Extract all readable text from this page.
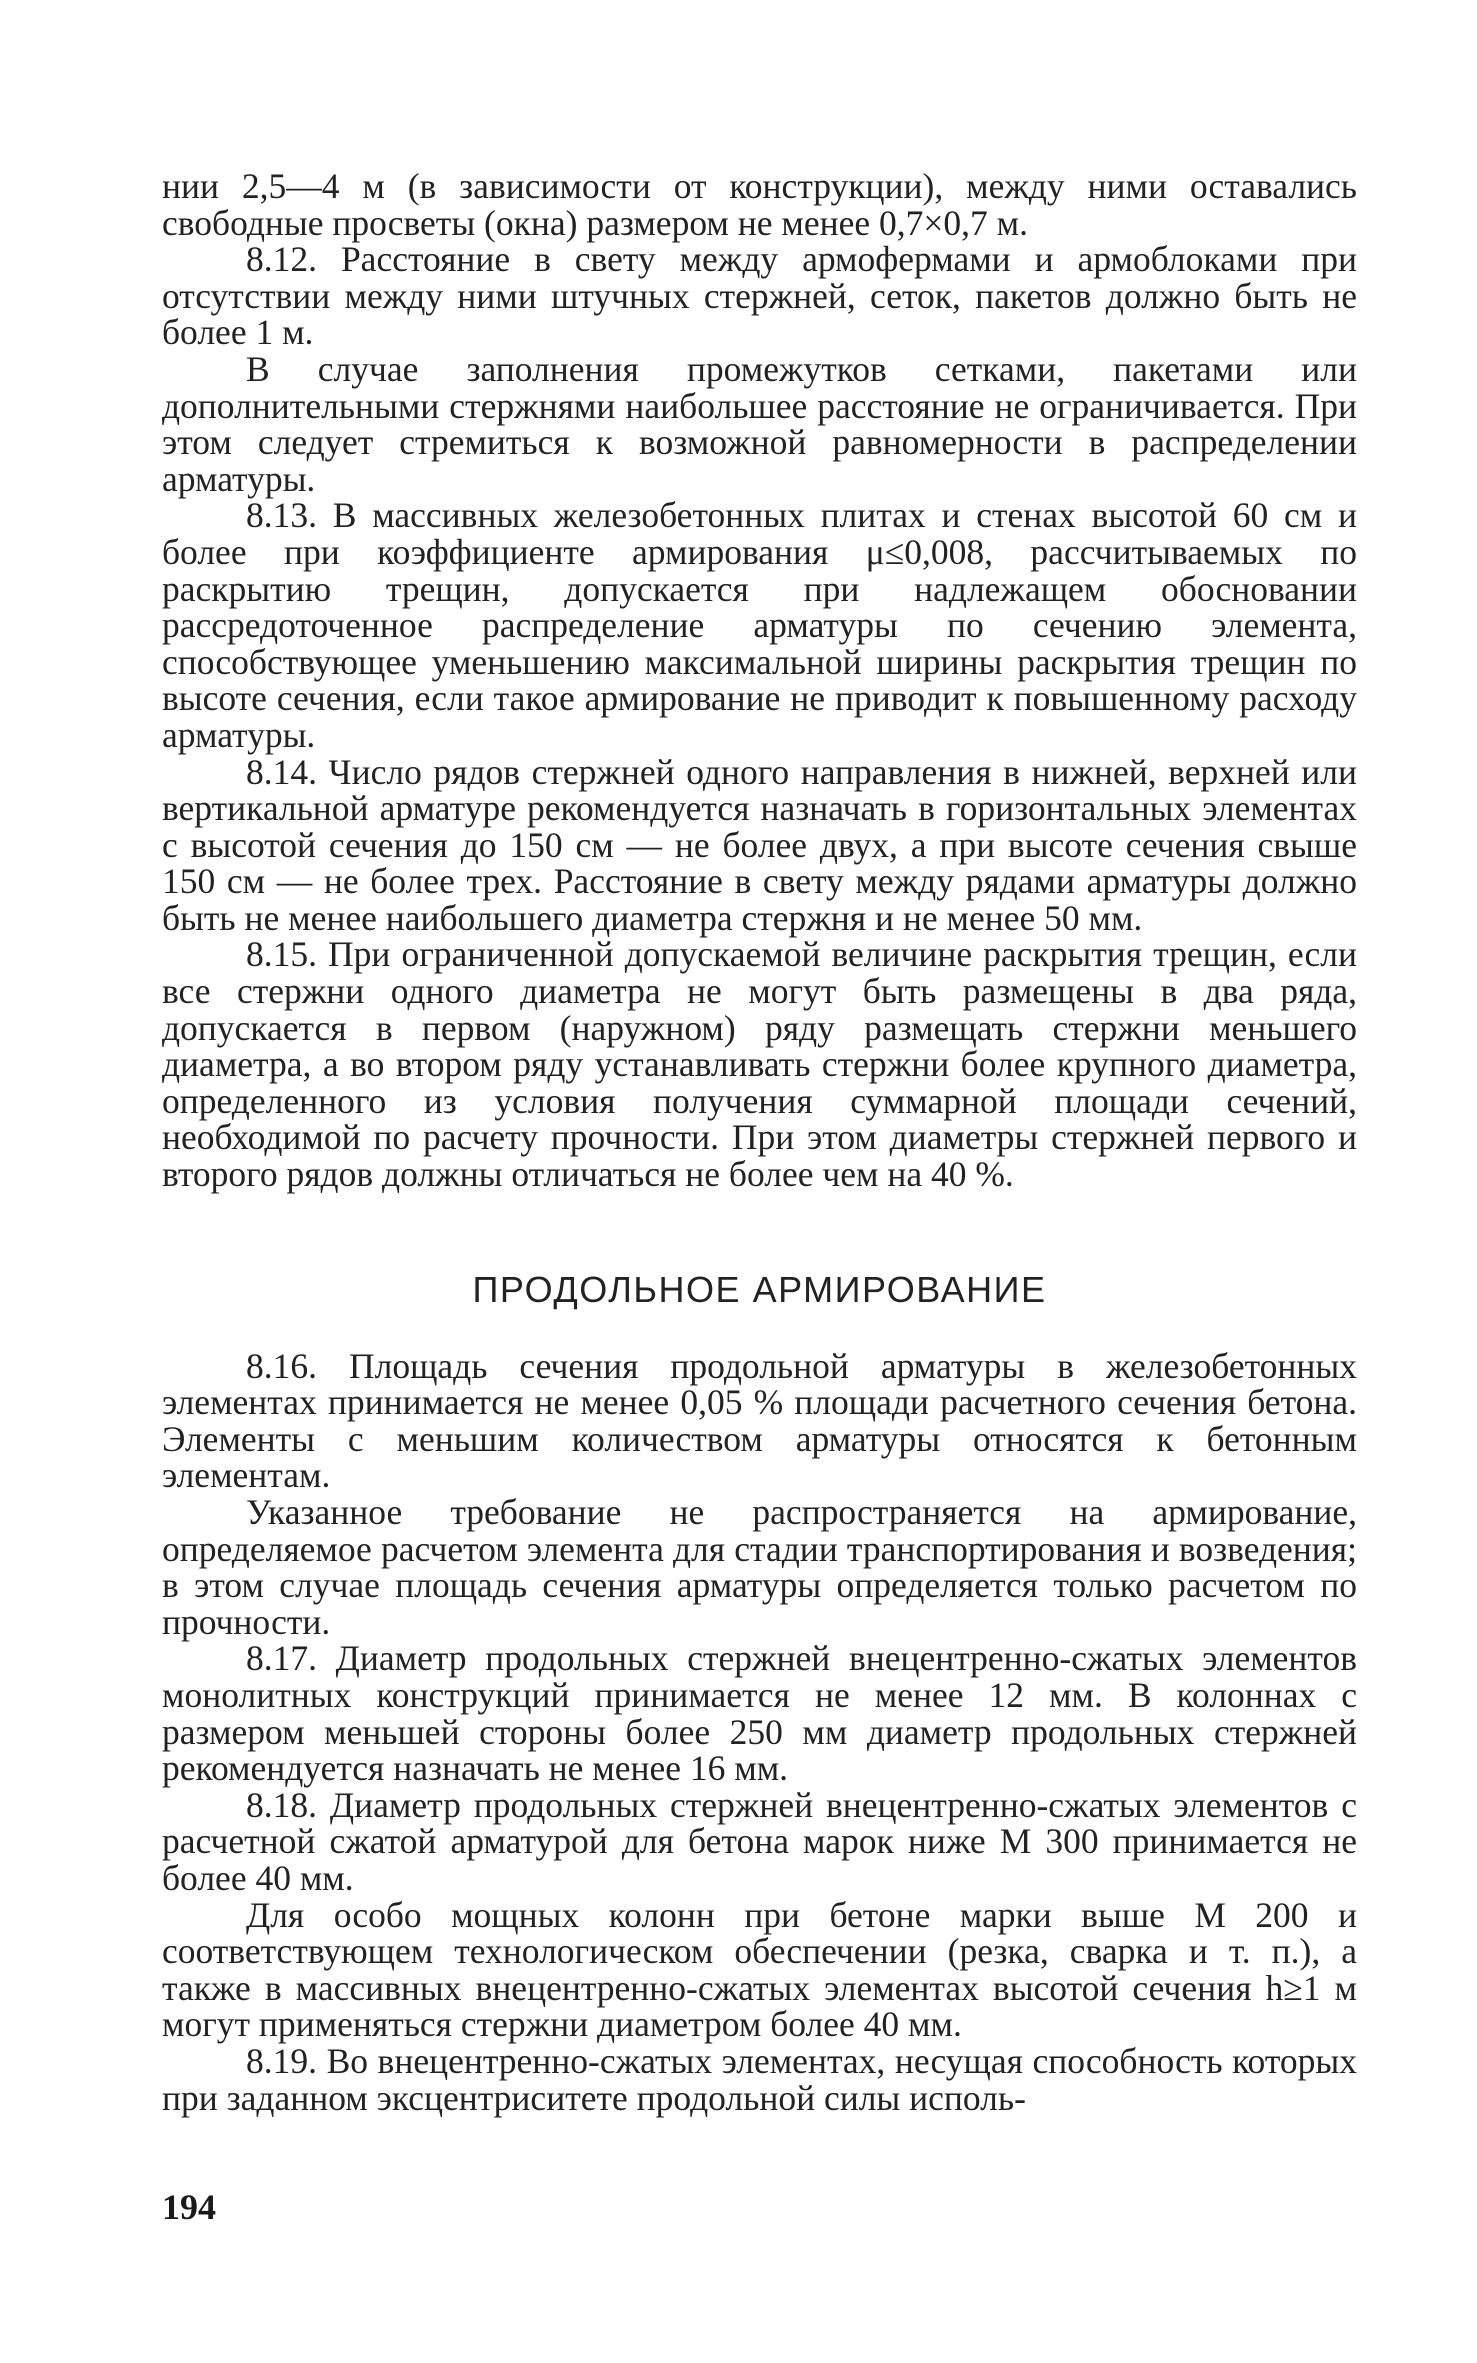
нии 2,5—4 м (в зависимости от конструкции), между ними оставались свободные просветы (окна) размером не менее 0,7×0,7 м.

8.12. Расстояние в свету между армофермами и армоблоками при отсутствии между ними штучных стержней, сеток, пакетов должно быть не более 1 м.

В случае заполнения промежутков сетками, пакетами или дополнительными стержнями наибольшее расстояние не ограничивается. При этом следует стремиться к возможной равномерности в распределении арматуры.

8.13. В массивных железобетонных плитах и стенах высотой 60 см и более при коэффициенте армирования μ≤0,008, рассчитываемых по раскрытию трещин, допускается при надлежащем обосновании рассредоточенное распределение арматуры по сечению элемента, способствующее уменьшению максимальной ширины раскрытия трещин по высоте сечения, если такое армирование не приводит к повышенному расходу арматуры.

8.14. Число рядов стержней одного направления в нижней, верхней или вертикальной арматуре рекомендуется назначать в горизонтальных элементах с высотой сечения до 150 см — не более двух, а при высоте сечения свыше 150 см — не более трех. Расстояние в свету между рядами арматуры должно быть не менее наибольшего диаметра стержня и не менее 50 мм.

8.15. При ограниченной допускаемой величине раскрытия трещин, если все стержни одного диаметра не могут быть размещены в два ряда, допускается в первом (наружном) ряду размещать стержни меньшего диаметра, а во втором ряду устанавливать стержни более крупного диаметра, определенного из условия получения суммарной площади сечений, необходимой по расчету прочности. При этом диаметры стержней первого и второго рядов должны отличаться не более чем на 40 %.

ПРОДОЛЬНОЕ АРМИРОВАНИЕ

8.16. Площадь сечения продольной арматуры в железобетонных элементах принимается не менее 0,05 % площади расчетного сечения бетона. Элементы с меньшим количеством арматуры относятся к бетонным элементам.

Указанное требование не распространяется на армирование, определяемое расчетом элемента для стадии транспортирования и возведения; в этом случае площадь сечения арматуры определяется только расчетом по прочности.

8.17. Диаметр продольных стержней внецентренно-сжатых элементов монолитных конструкций принимается не менее 12 мм. В колоннах с размером меньшей стороны более 250 мм диаметр продольных стержней рекомендуется назначать не менее 16 мм.

8.18. Диаметр продольных стержней внецентренно-сжатых элементов с расчетной сжатой арматурой для бетона марок ниже М 300 принимается не более 40 мм.

Для особо мощных колонн при бетоне марки выше М 200 и соответствующем технологическом обеспечении (резка, сварка и т. п.), а также в массивных внецентренно-сжатых элементах высотой сечения h≥1 м могут применяться стержни диаметром более 40 мм.

8.19. Во внецентренно-сжатых элементах, несущая способность которых при заданном эксцентриситете продольной силы исполь-

194
